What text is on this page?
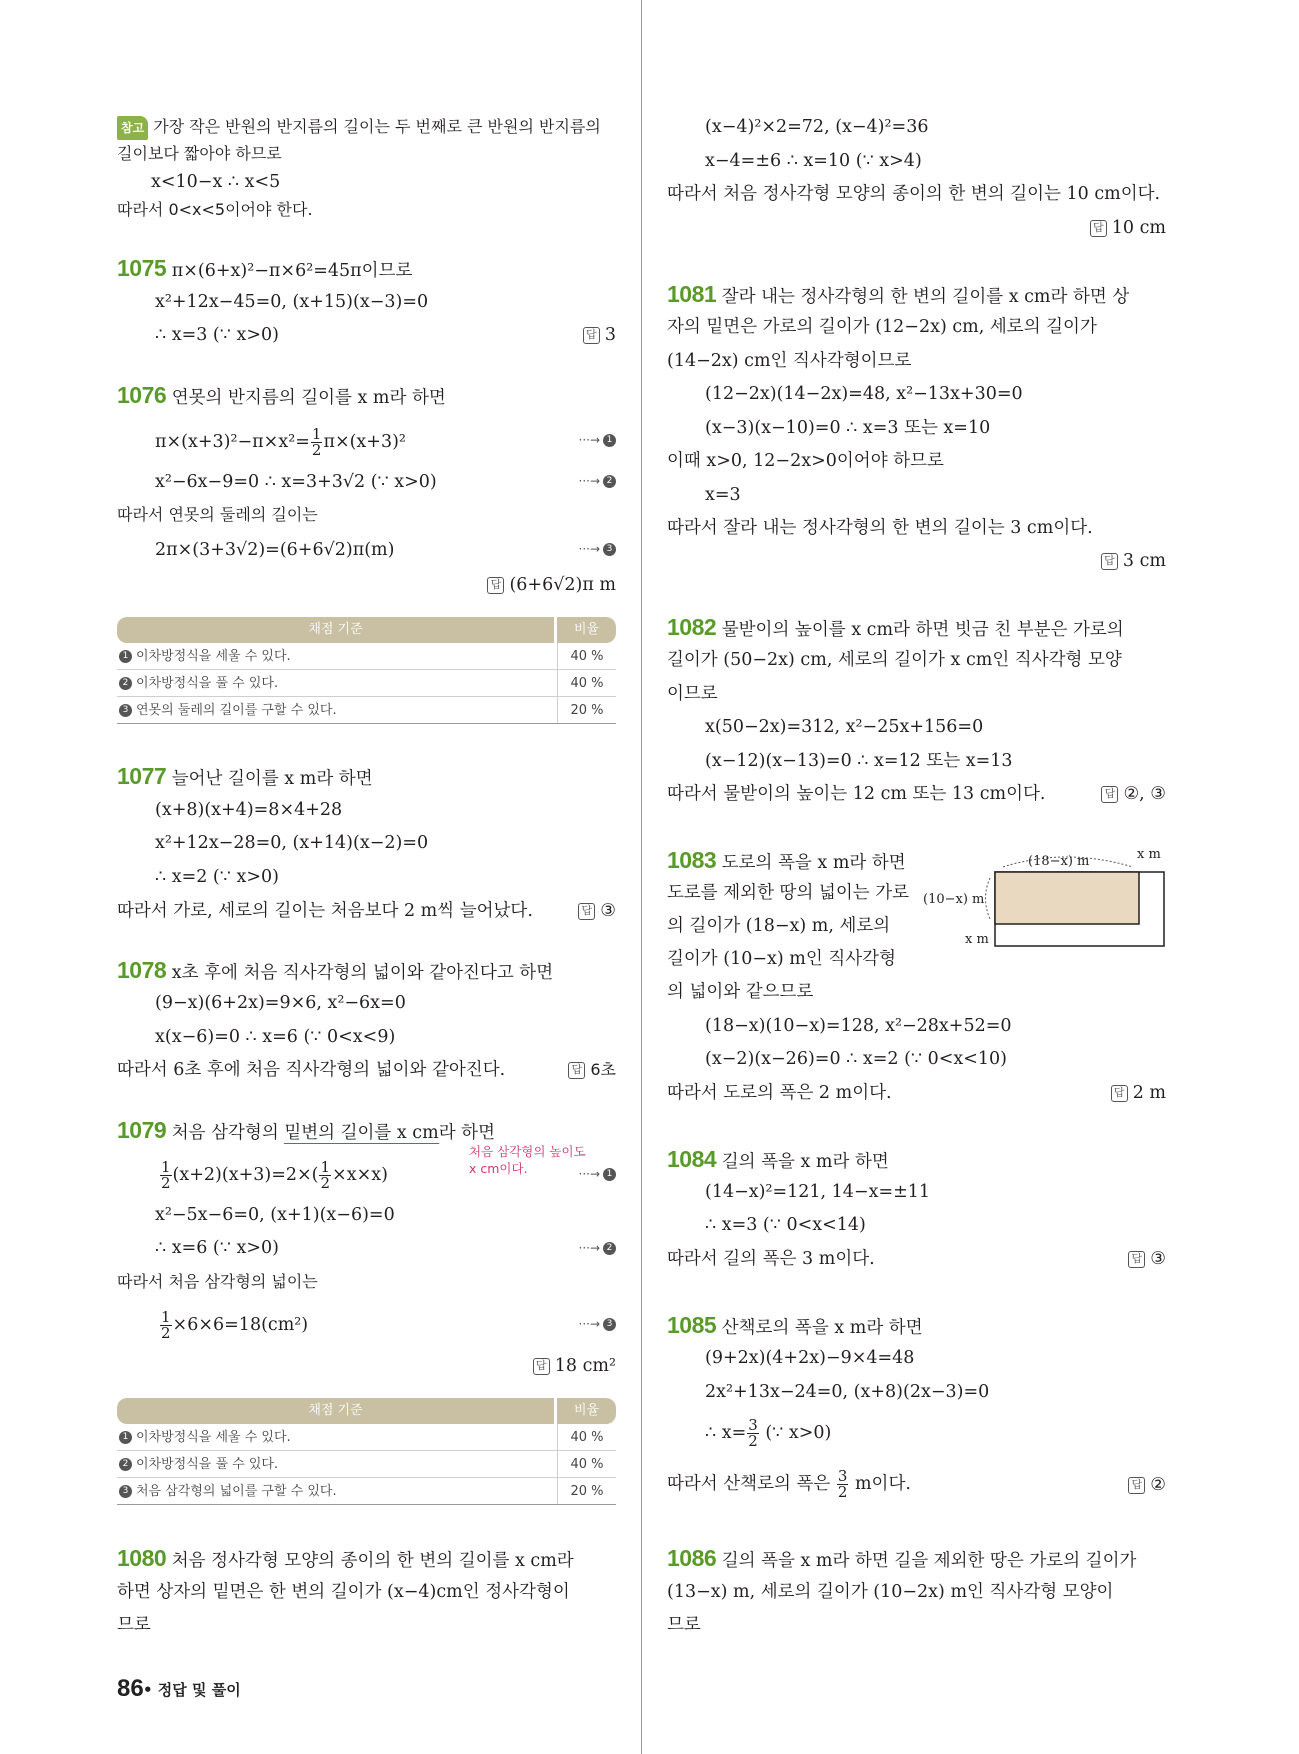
참고 가장 작은 반원의 반지름의 길이는 두 번째로 큰 반원의 반지름의
길이보다 짧아야 하므로
x<10−x ∴ x<5
따라서 0<x<5이어야 한다.
1075 π×(6+x)²−π×6²=45π이므로
x²+12x−45=0, (x+15)(x−3)=0
∴ x=3 (∵ x>0)	답 3
1076 연못의 반지름의 길이를 x m라 하면
$\pi\times(x+3)^2-\pi\times x^2= \frac{1}{2} \pi\times(x+3)^2$	···→ 1
x²−6x−9=0 ∴ x=3+3√2 (∵ x>0)	···→ 2
따라서 연못의 둘레의 길이는
2π×(3+3√2)=(6+6√2)π(m)	···→ 3
답 (6+6√2)π m
채점 기준	비율
1 이차방정식을 세울 수 있다.	40 %
2 이차방정식을 풀 수 있다.	40 %
3 연못의 둘레의 길이를 구할 수 있다.	20 %
1077 늘어난 길이를 x m라 하면
(x+8)(x+4)=8×4+28
x²+12x−28=0, (x+14)(x−2)=0
∴ x=2 (∵ x>0)
따라서 가로, 세로의 길이는 처음보다 2 m씩 늘어났다.	답 ③
1078 x초 후에 처음 직사각형의 넓이와 같아진다고 하면
(9−x)(6+2x)=9×6, x²−6x=0
x(x−6)=0 ∴ x=6 (∵ 0<x<9)
따라서 6초 후에 처음 직사각형의 넓이와 같아진다.	답 6초
1079 처음 삼각형의 밑변의 길이를 x cm라 하면
처음 삼각형의 높이도
x cm이다.
$\frac{1}{2} (x+2)(x+3)=2\times( \frac{1}{2} \times x\times x)$	···→ 1
x²−5x−6=0, (x+1)(x−6)=0
∴ x=6 (∵ x>0)	···→ 2
따라서 처음 삼각형의 넓이는
$\frac{1}{2} \times 6\times 6=18(cm^2)$	···→ 3
답 18 cm²
채점 기준	비율
1 이차방정식을 세울 수 있다.	40 %
2 이차방정식을 풀 수 있다.	40 %
3 처음 삼각형의 넓이를 구할 수 있다.	20 %
1080 처음 정사각형 모양의 종이의 한 변의 길이를 x cm라
하면 상자의 밑면은 한 변의 길이가 (x−4)cm인 정사각형이
므로
(x−4)²×2=72, (x−4)²=36
x−4=±6 ∴ x=10 (∵ x>4)
따라서 처음 정사각형 모양의 종이의 한 변의 길이는 10 cm이다.
답 10 cm
1081 잘라 내는 정사각형의 한 변의 길이를 x cm라 하면 상
자의 밑면은 가로의 길이가 (12−2x) cm, 세로의 길이가
(14−2x) cm인 직사각형이므로
(12−2x)(14−2x)=48, x²−13x+30=0
(x−3)(x−10)=0 ∴ x=3 또는 x=10
이때 x>0, 12−2x>0이어야 하므로
x=3
따라서 잘라 내는 정사각형의 한 변의 길이는 3 cm이다.
답 3 cm
1082 물받이의 높이를 x cm라 하면 빗금 친 부분은 가로의
길이가 (50−2x) cm, 세로의 길이가 x cm인 직사각형 모양
이므로
x(50−2x)=312, x²−25x+156=0
(x−12)(x−13)=0 ∴ x=12 또는 x=13
따라서 물받이의 높이는 12 cm 또는 13 cm이다.	답 ②, ③
1083 도로의 폭을 x m라 하면
도로를 제외한 땅의 넓이는 가로
의 길이가 (18−x) m, 세로의
길이가 (10−x) m인 직사각형
의 넓이와 같으므로
(18−x) m	x m
(10−x) m
x m
(18−x)(10−x)=128, x²−28x+52=0
(x−2)(x−26)=0 ∴ x=2 (∵ 0<x<10)
따라서 도로의 폭은 2 m이다.	답 2 m
1084 길의 폭을 x m라 하면
(14−x)²=121, 14−x=±11
∴ x=3 (∵ 0<x<14)
따라서 길의 폭은 3 m이다.	답 ③
1085 산책로의 폭을 x m라 하면
(9+2x)(4+2x)−9×4=48
2x²+13x−24=0, (x+8)(2x−3)=0
∴ $x= \frac{3}{2}$ (∵ x>0)
따라서 산책로의 폭은 $\frac{3}{2}$ m이다.	답 ②
1086 길의 폭을 x m라 하면 길을 제외한 땅은 가로의 길이가
(13−x) m, 세로의 길이가 (10−2x) m인 직사각형 모양이
므로
86 • 정답 및 풀이
